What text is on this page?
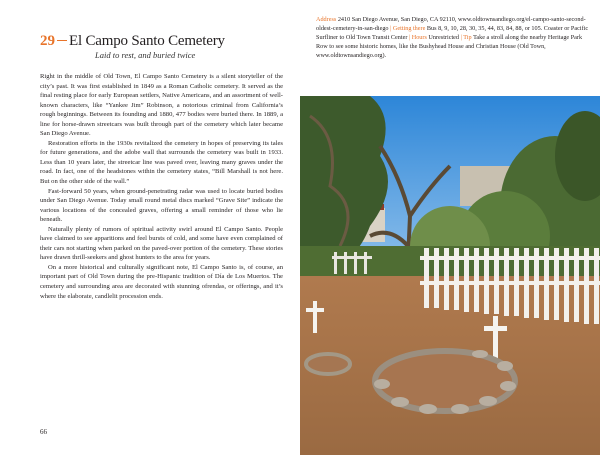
29 El Campo Santo Cemetery
Laid to rest, and buried twice

Right in the middle of Old Town, El Campo Santo Cemetery is a silent storyteller of the city’s past. It was first established in 1849 as a Roman Catholic cemetery. It served as the final resting place for early European settlers, Native Americans, and an assortment of well-known characters, like “Yankee Jim” Robinson, a notorious criminal from California’s rough beginnings. Between its founding and 1880, 477 bodies were buried there. In 1889, a line for horse-drawn streetcars was built through part of the cemetery which later became San Diego Avenue.

Restoration efforts in the 1930s revitalized the cemetery in hopes of preserving its tales for future generations, and the adobe wall that surrounds the cemetery was built in 1933. Less than 10 years later, the streetcar line was paved over, leaving many graves under the road. In fact, one of the headstones within the cemetery states, “Bill Marshall is not here. But on the other side of the wall.”

Fast-forward 50 years, when ground-penetrating radar was used to locate buried bodies under San Diego Avenue. Today small round metal discs marked “Grave Site” indicate the various locations of the concealed graves, offering a small reminder of those who lie beneath.

Naturally plenty of rumors of spiritual activity swirl around El Campo Santo. People have claimed to see apparitions and feel bursts of cold, and some have even complained of their cars not starting when parked on the paved-over portion of the cemetery. These stories have drawn thrill-seekers and ghost hunters to the area for years.

On a more historical and culturally significant note, El Campo Santo is, of course, an important part of Old Town during the pre-Hispanic tradition of Día de Los Muertos. The cemetery and surrounding area are decorated with stunning ofrendas, or offerings, and it’s where the elaborate, candlelit procession ends.

66
Address 2410 San Diego Avenue, San Diego, CA 92110, www.oldtownsandiego.org/el-campo-santo-second-oldest-cemetery-in-san-diego | Getting there Bus 8, 9, 10, 28, 30, 35, 44, 83, 84, 88, or 105. Coaster or Pacific Surfliner to Old Town Transit Center | Hours Unrestricted | Tip Take a stroll along the nearby Heritage Park Row to see some historic homes, like the Bushyhead House and Christian House (Old Town, www.oldtownsandiego.org).
